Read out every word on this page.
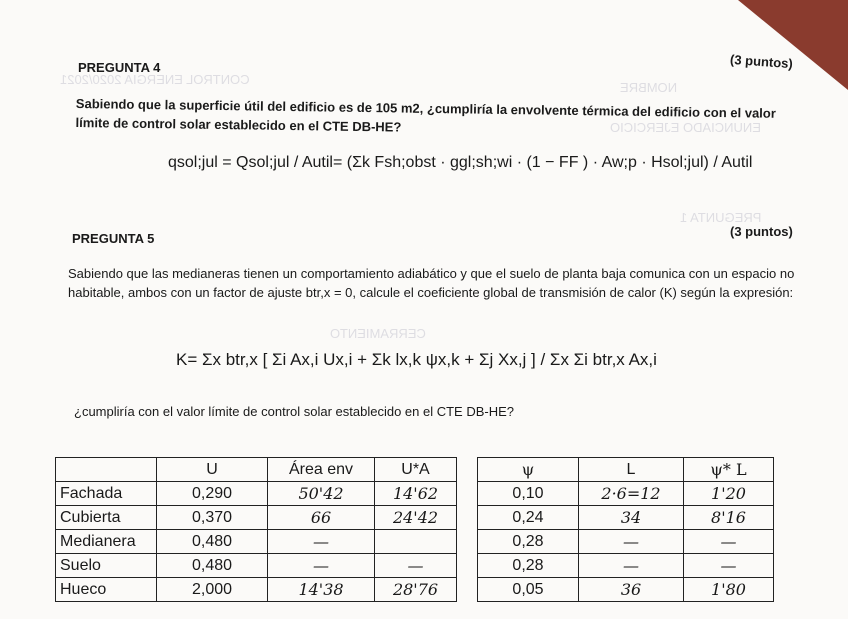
CONTROL ENERGIA 2020/2021
NOMBRE
ENUNCIADO EJERCICIO
PREGUNTA 1
CERRAMIENTO
PREGUNTA 4	(3 puntos)
Sabiendo que la superficie útil del edificio es de 105 m2, ¿cumpliría la envolvente térmica del edificio con el valor límite de control solar establecido en el CTE DB-HE?
qsol;jul = Qsol;jul / Autil= (Σk Fsh;obst · ggl;sh;wi · (1 − FF ) · Aw;p · Hsol;jul) / Autil
PREGUNTA 5	(3 puntos)
Sabiendo que las medianeras tienen un comportamiento adiabático y que el suelo de planta baja comunica con un espacio no habitable, ambos con un factor de ajuste btr,x = 0, calcule el coeficiente global de transmisión de calor (K) según la expresión:
K= Σx btr,x [ Σi Ax,i Ux,i + Σk lx,k ψx,k + Σj Xx,j ] / Σx Σi btr,x Ax,i
¿cumpliría con el valor límite de control solar establecido en el CTE DB-HE?
	U	Área env	U*A
Fachada	0,290	50'42	14'62
Cubierta	0,370	66	24'42
Medianera	0,480	—	
Suelo	0,480	—	—
Hueco	2,000	14'38	28'76
ψ	L	ψ* L
0,10	2·6=12	1'20
0,24	34	8'16
0,28	—	—
0,28	—	—
0,05	36	1'80
